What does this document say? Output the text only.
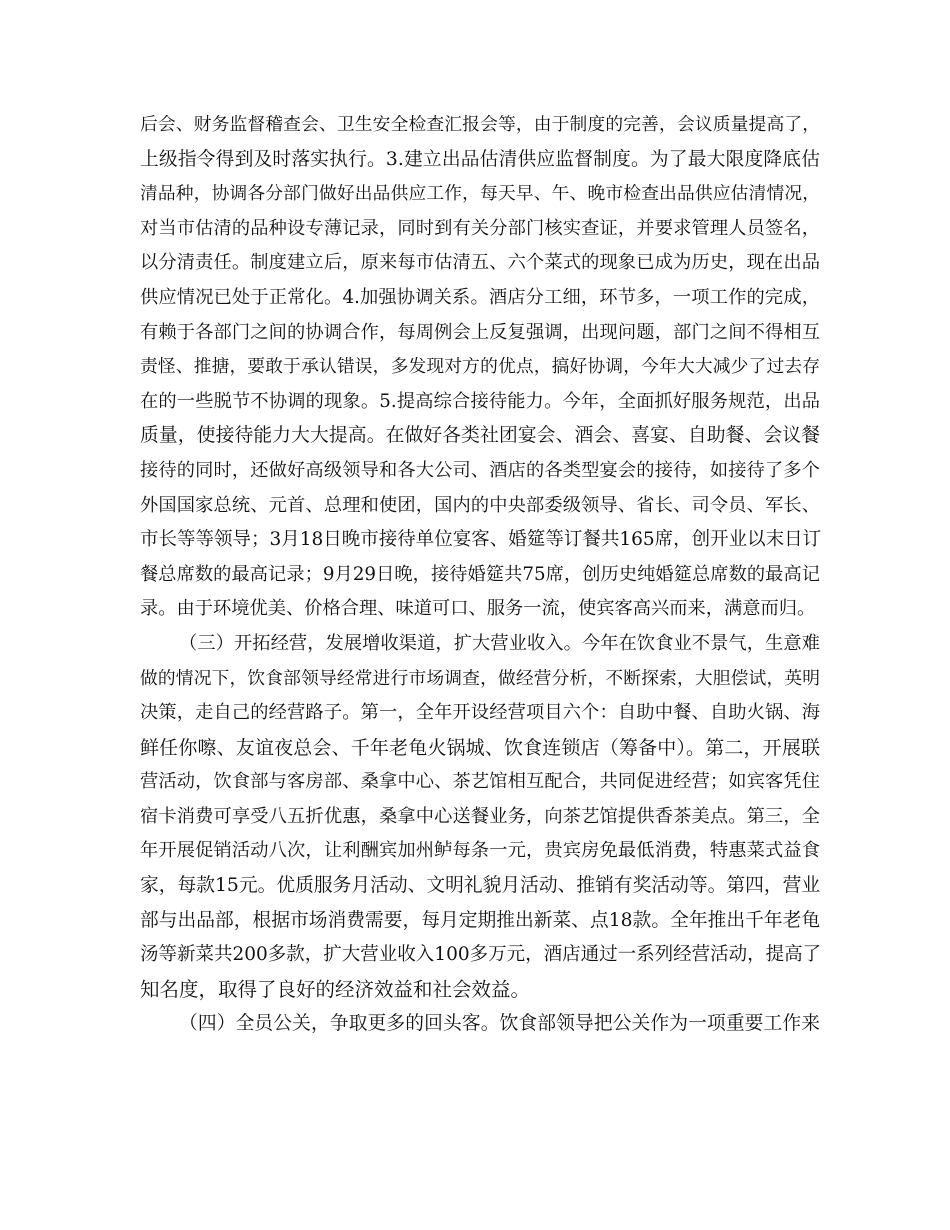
后会、财务监督稽查会、卫生安全检查汇报会等，由于制度的完善，会议质量提高了，
上级指令得到及时落实执行。3.建立出品估清供应监督制度。为了最大限度降底估
清品种，协调各分部门做好出品供应工作，每天早、午、晚市检查出品供应估清情况，
对当市估清的品种设专薄记录，同时到有关分部门核实查证，并要求管理人员签名，
以分清责任。制度建立后，原来每市估清五、六个菜式的现象已成为历史，现在出品
供应情况已处于正常化。4.加强协调关系。酒店分工细，环节多，一项工作的完成，
有赖于各部门之间的协调合作，每周例会上反复强调，出现问题，部门之间不得相互
责怪、推搪，要敢于承认错误，多发现对方的优点，搞好协调，今年大大减少了过去存
在的一些脱节不协调的现象。5.提高综合接待能力。今年，全面抓好服务规范，出品
质量，使接待能力大大提高。在做好各类社团宴会、酒会、喜宴、自助餐、会议餐
接待的同时，还做好高级领导和各大公司、酒店的各类型宴会的接待，如接待了多个
外国国家总统、元首、总理和使团，国内的中央部委级领导、省长、司令员、军长、
市长等等领导；3月18日晚市接待单位宴客、婚筵等订餐共165席，创开业以末日订
餐总席数的最高记录；9月29日晚，接待婚筵共75席，创历史纯婚筵总席数的最高记
录。由于环境优美、价格合理、味道可口、服务一流，使宾客高兴而来，满意而归。
（三）开拓经营，发展增收渠道，扩大营业收入。今年在饮食业不景气，生意难
做的情况下，饮食部领导经常进行市场调查，做经营分析，不断探索，大胆偿试，英明
决策，走自己的经营路子。第一，全年开设经营项目六个：自助中餐、自助火锅、海
鲜任你嚓、友谊夜总会、千年老龟火锅城、饮食连锁店（筹备中）。第二，开展联
营活动，饮食部与客房部、桑拿中心、茶艺馆相互配合，共同促进经营；如宾客凭住
宿卡消费可享受八五折优惠，桑拿中心送餐业务，向茶艺馆提供香茶美点。第三，全
年开展促销活动八次，让利酬宾加州鲈每条一元，贵宾房免最低消费，特惠菜式益食
家，每款15元。优质服务月活动、文明礼貌月活动、推销有奖活动等。第四，营业
部与出品部，根据市场消费需要，每月定期推出新菜、点18款。全年推出千年老龟
汤等新菜共200多款，扩大营业收入100多万元，酒店通过一系列经营活动，提高了
知名度，取得了良好的经济效益和社会效益。
（四）全员公关，争取更多的回头客。饮食部领导把公关作为一项重要工作来
